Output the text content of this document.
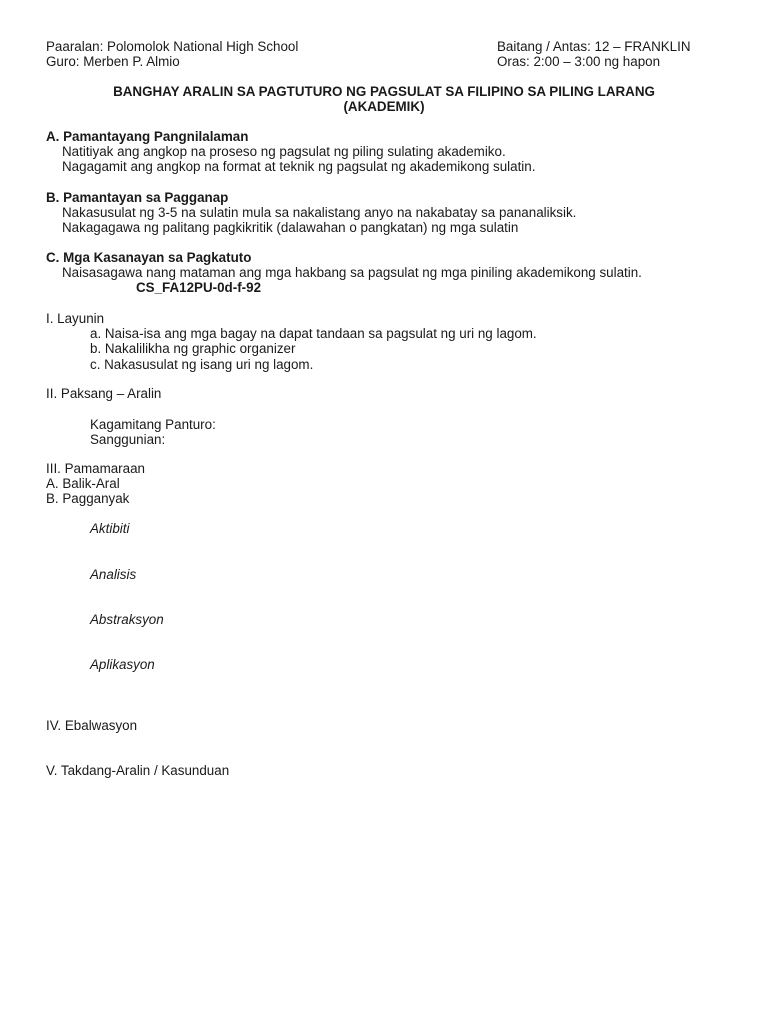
Paaralan: Polomolok National High School
Guro: Merben P. Almio
Baitang / Antas: 12 – FRANKLIN
Oras: 2:00 – 3:00 ng hapon
BANGHAY ARALIN SA PAGTUTURO NG PAGSULAT SA FILIPINO SA PILING LARANG
(AKADEMIK)
A. Pamantayang Pangnilalaman
Natitiyak ang angkop na proseso ng pagsulat ng piling sulating akademiko.
Nagagamit ang angkop na format at teknik ng pagsulat ng akademikong sulatin.
B. Pamantayan sa Pagganap
Nakasusulat ng 3-5 na sulatin mula sa nakalistang anyo na nakabatay sa pananaliksik.
Nakagagawa ng palitang pagkikritik (dalawahan o pangkatan) ng mga sulatin
C. Mga Kasanayan sa Pagkatuto
Naisasagawa nang mataman ang mga hakbang sa pagsulat ng mga piniling akademikong sulatin.
CS_FA12PU-0d-f-92
I. Layunin
a. Naisa-isa ang mga bagay na dapat tandaan sa pagsulat ng uri ng lagom.
b. Nakalilikha ng graphic organizer
c. Nakasusulat ng isang uri ng lagom.
II. Paksang – Aralin
Kagamitang Panturo:
Sanggunian:
III. Pamamaraan
A. Balik-Aral
B. Pagganyak
Aktibiti
Analisis
Abstraksyon
Aplikasyon
IV. Ebalwasyon
V. Takdang-Aralin / Kasunduan
